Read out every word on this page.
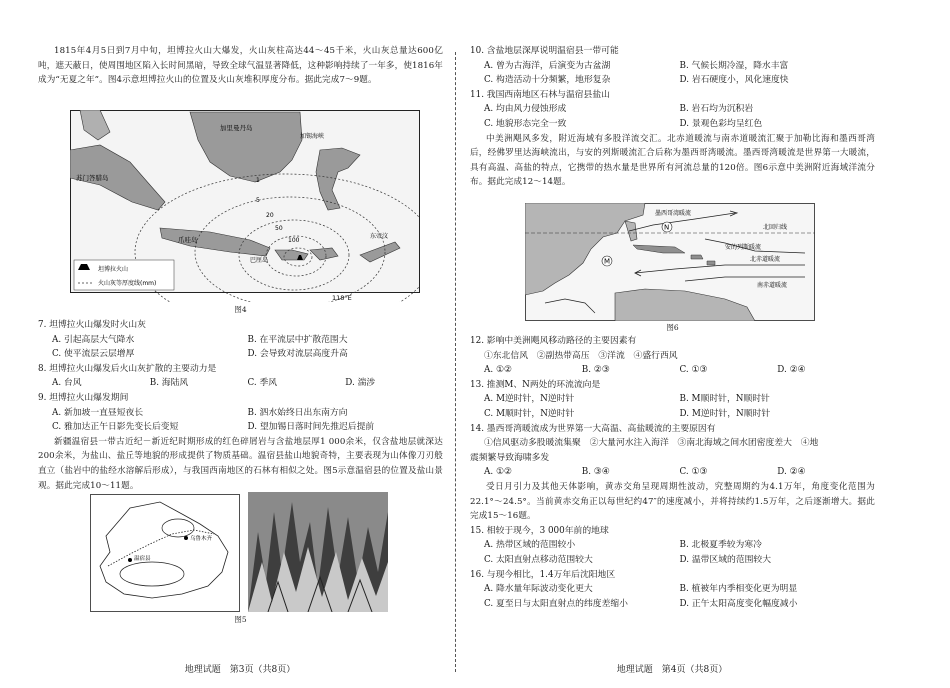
1815年4月5日到7月中旬，坦博拉火山大爆发，火山灰柱高达44～45千米，火山灰总量达600亿吨，遮天蔽日，使周围地区陷入长时间黑暗，导致全球气温显著降低，这种影响持续了一年多，使1816年成为“无夏之年”。图4示意坦博拉火山的位置及火山灰堆积厚度分布。据此完成7～9题。

1
5
20
50
100
加里曼丹岛
苏门答腊岛
爪哇岛
巴厘岛
加锡海峡
东帝汶
坦博拉火山
火山灰等厚度线(mm)
118°E
图4
7. 坦博拉火山爆发时火山灰
A. 引起高层大气降水	B. 在平流层中扩散范围大
C. 使平流层云层增厚	D. 会导致对流层高度升高
8. 坦博拉火山爆发后火山灰扩散的主要动力是
A. 台风	B. 海陆风	C. 季风	D. 湍涉
9. 坦博拉火山爆发期间
A. 新加坡一直昼短夜长	B. 泗水始终日出东南方向
C. 雅加达正午日影先变长后变短	D. 望加锡日落时间先推迟后提前

新疆温宿县一带古近纪－新近纪时期形成的红色碎屑岩与含盐地层厚1 000余米，仅含盐地层就深达200余米，为盐山、盐丘等地貌的形成提供了物质基础。温宿县盐山地貌奇特，主要表现为山体像刀刃般直立（盐岩中的盐经水溶解后形成），与我国西南地区的石林有相似之处。图5示意温宿县的位置及盐山景观。据此完成10～11题。

乌鲁木齐
温宿县
图5
地理试题　第3页（共8页）
10. 含盐地层深厚说明温宿县一带可能
A. 曾为古海洋，后演变为古盆湖	B. 气候长期冷湿，降水丰富
C. 构造活动十分频繁，地形复杂	D. 岩石硬度小，风化速度快
11. 我国西南地区石林与温宿县盐山
A. 均由风力侵蚀形成	B. 岩石均为沉积岩
C. 地貌形态完全一致	D. 景观色彩均呈红色

中美洲飓风多发，附近海域有多股洋流交汇。北赤道暖流与南赤道暖流汇聚于加勒比海和墨西哥湾后，经佛罗里达海峡流出，与安的列斯暖流汇合后称为墨西哥湾暖流。墨西哥湾暖流是世界第一大暖流，具有高温、高盐的特点，它携带的热水量是世界所有河流总量的120倍。图6示意中美洲附近海域洋流分布。据此完成12～14题。

北回归线
墨西哥湾暖流
北赤道暖流
安的列斯暖流
南赤道暖流
M
N
图6
12. 影响中美洲飓风移动路径的主要因素有
①东北信风　②副热带高压　③洋流　④盛行西风
A. ①②	B. ②③	C. ①③	D. ②④
13. 推测M、N两处的环流流向是
A. M逆时针，N逆时针	B. M顺时针，N顺时针
C. M顺时针，N逆时针	D. M逆时针，N顺时针
14. 墨西哥湾暖流成为世界第一大高温、高盐暖流的主要原因有
①信风驱动多股暖流集聚　②大量河水注入海洋　③南北海域之间水团密度差大　④地
震频繁导致海啸多发
A. ①②	B. ③④	C. ①③	D. ②④

受日月引力及其他天体影响，黄赤交角呈现周期性波动，究整周期约为4.1万年，角度变化范围为22.1°～24.5°。当前黄赤交角正以每世纪约47″的速度减小，并将持续约1.5万年，之后逐渐增大。据此完成15～16题。

15. 相较于现今，3 000年前的地球
A. 热带区域的范围较小	B. 北极夏季较为寒冷
C. 太阳直射点移动范围较大	D. 温带区域的范围较大
16. 与现今相比，1.4万年后沈阳地区
A. 降水量年际波动变化更大	B. 植被年内季相变化更为明显
C. 夏至日与太阳直射点的纬度差缩小	D. 正午太阳高度变化幅度减小
地理试题　第4页（共8页）
